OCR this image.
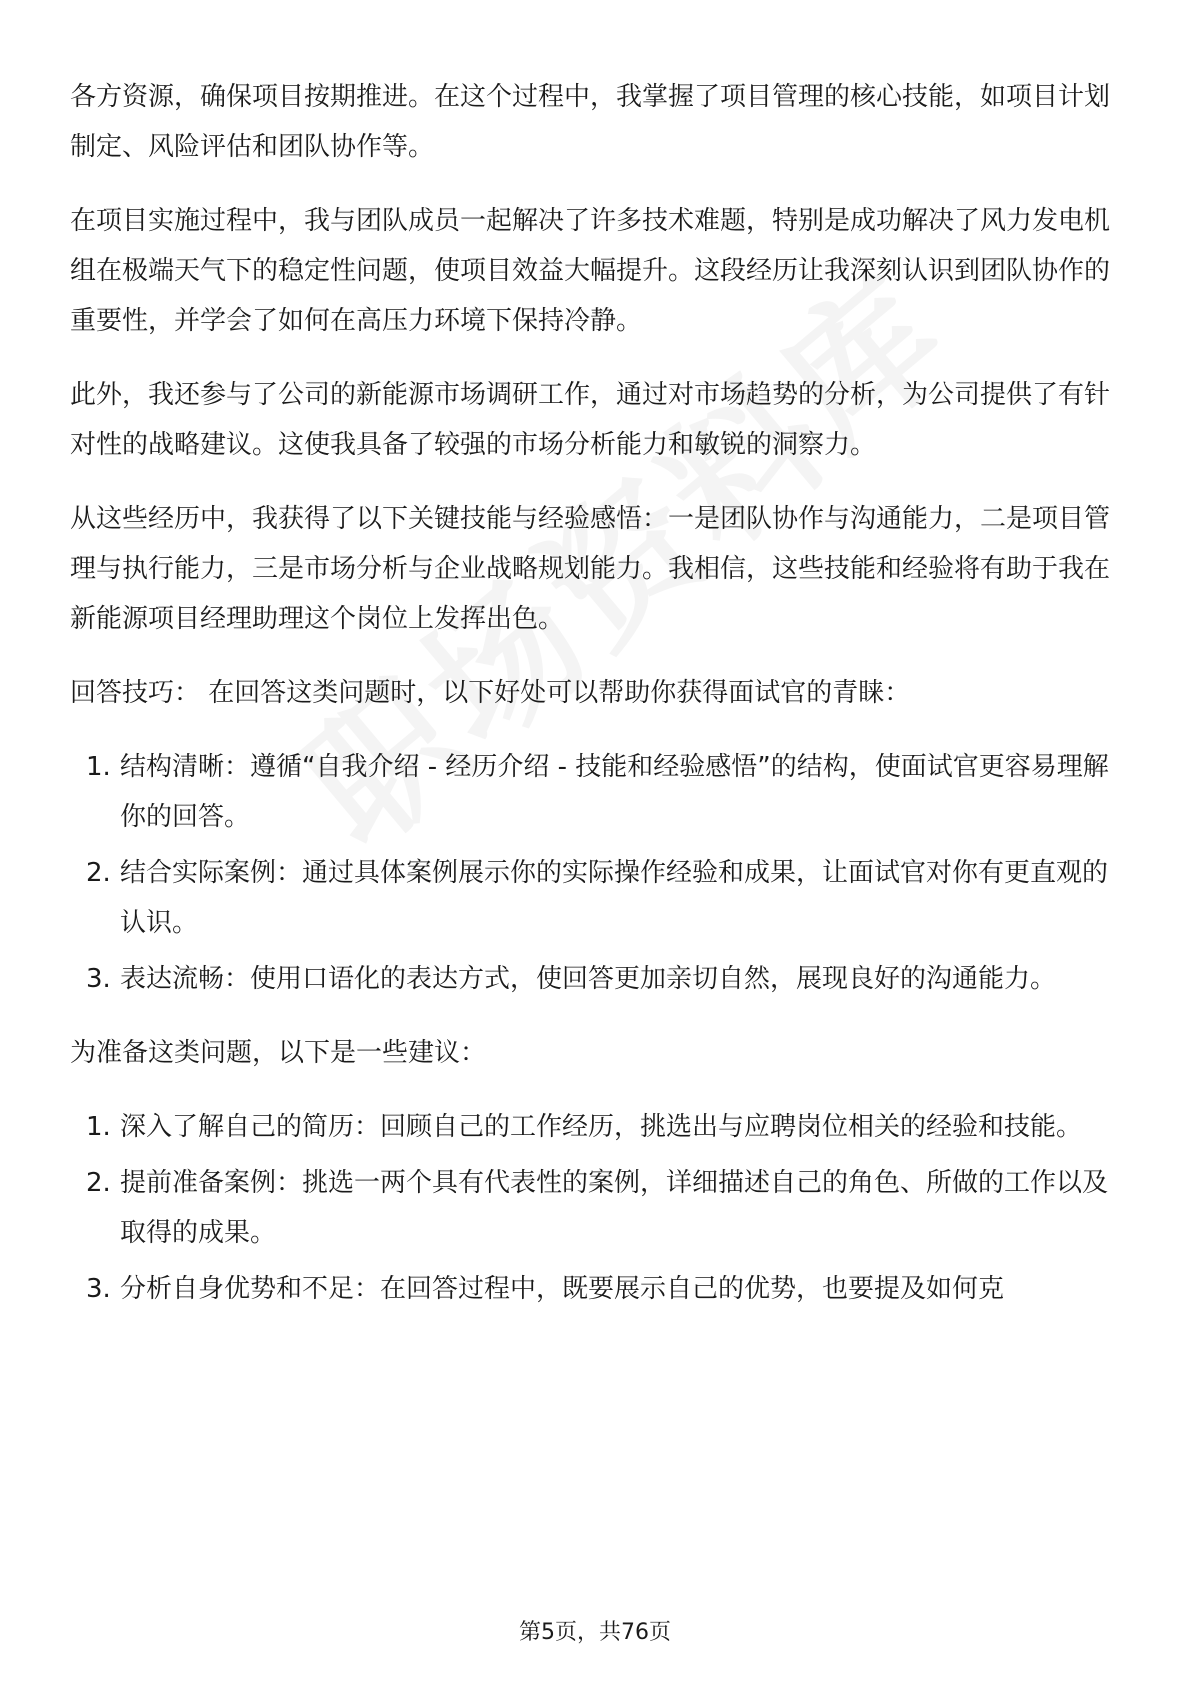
各方资源，确保项目按期推进。在这个过程中，我掌握了项目管理的核心技能，如项目计划制定、风险评估和团队协作等。

在项目实施过程中，我与团队成员一起解决了许多技术难题，特别是成功解决了风力发电机组在极端天气下的稳定性问题，使项目效益大幅提升。这段经历让我深刻认识到团队协作的重要性，并学会了如何在高压力环境下保持冷静。

此外，我还参与了公司的新能源市场调研工作，通过对市场趋势的分析，为公司提供了有针对性的战略建议。这使我具备了较强的市场分析能力和敏锐的洞察力。

从这些经历中，我获得了以下关键技能与经验感悟：一是团队协作与沟通能力，二是项目管理与执行能力，三是市场分析与企业战略规划能力。我相信，这些技能和经验将有助于我在新能源项目经理助理这个岗位上发挥出色。

回答技巧： 在回答这类问题时，以下好处可以帮助你获得面试官的青睐：

1. 结构清晰：遵循“自我介绍 - 经历介绍 - 技能和经验感悟”的结构，使面试官更容易理解你的回答。
2. 结合实际案例：通过具体案例展示你的实际操作经验和成果，让面试官对你有更直观的认识。
3. 表达流畅：使用口语化的表达方式，使回答更加亲切自然，展现良好的沟通能力。

为准备这类问题，以下是一些建议：

1. 深入了解自己的简历：回顾自己的工作经历，挑选出与应聘岗位相关的经验和技能。
2. 提前准备案例：挑选一两个具有代表性的案例，详细描述自己的角色、所做的工作以及取得的成果。
3. 分析自身优势和不足：在回答过程中，既要展示自己的优势，也要提及如何克
第5页，共76页
